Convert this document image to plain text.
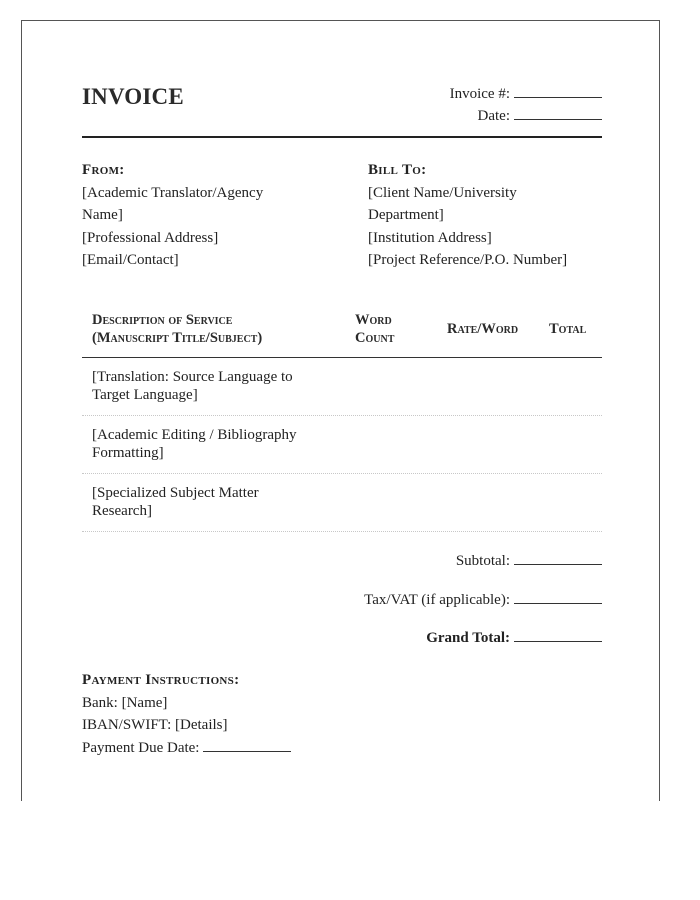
INVOICE	Invoice #:
Date:
From:
[Academic Translator/Agency
Name]
[Professional Address]
[Email/Contact]
Bill To:
[Client Name/University
Department]
[Institution Address]
[Project Reference/P.O. Number]
Description of Service
(Manuscript Title/Subject)
Word
Count
Rate/Word	Total
[Translation: Source Language to
Target Language]
[Academic Editing / Bibliography
Formatting]
[Specialized Subject Matter
Research]
Subtotal:
Tax/VAT (if applicable):
Grand Total:
Payment Instructions:
Bank: [Name]
IBAN/SWIFT: [Details]
Payment Due Date:
